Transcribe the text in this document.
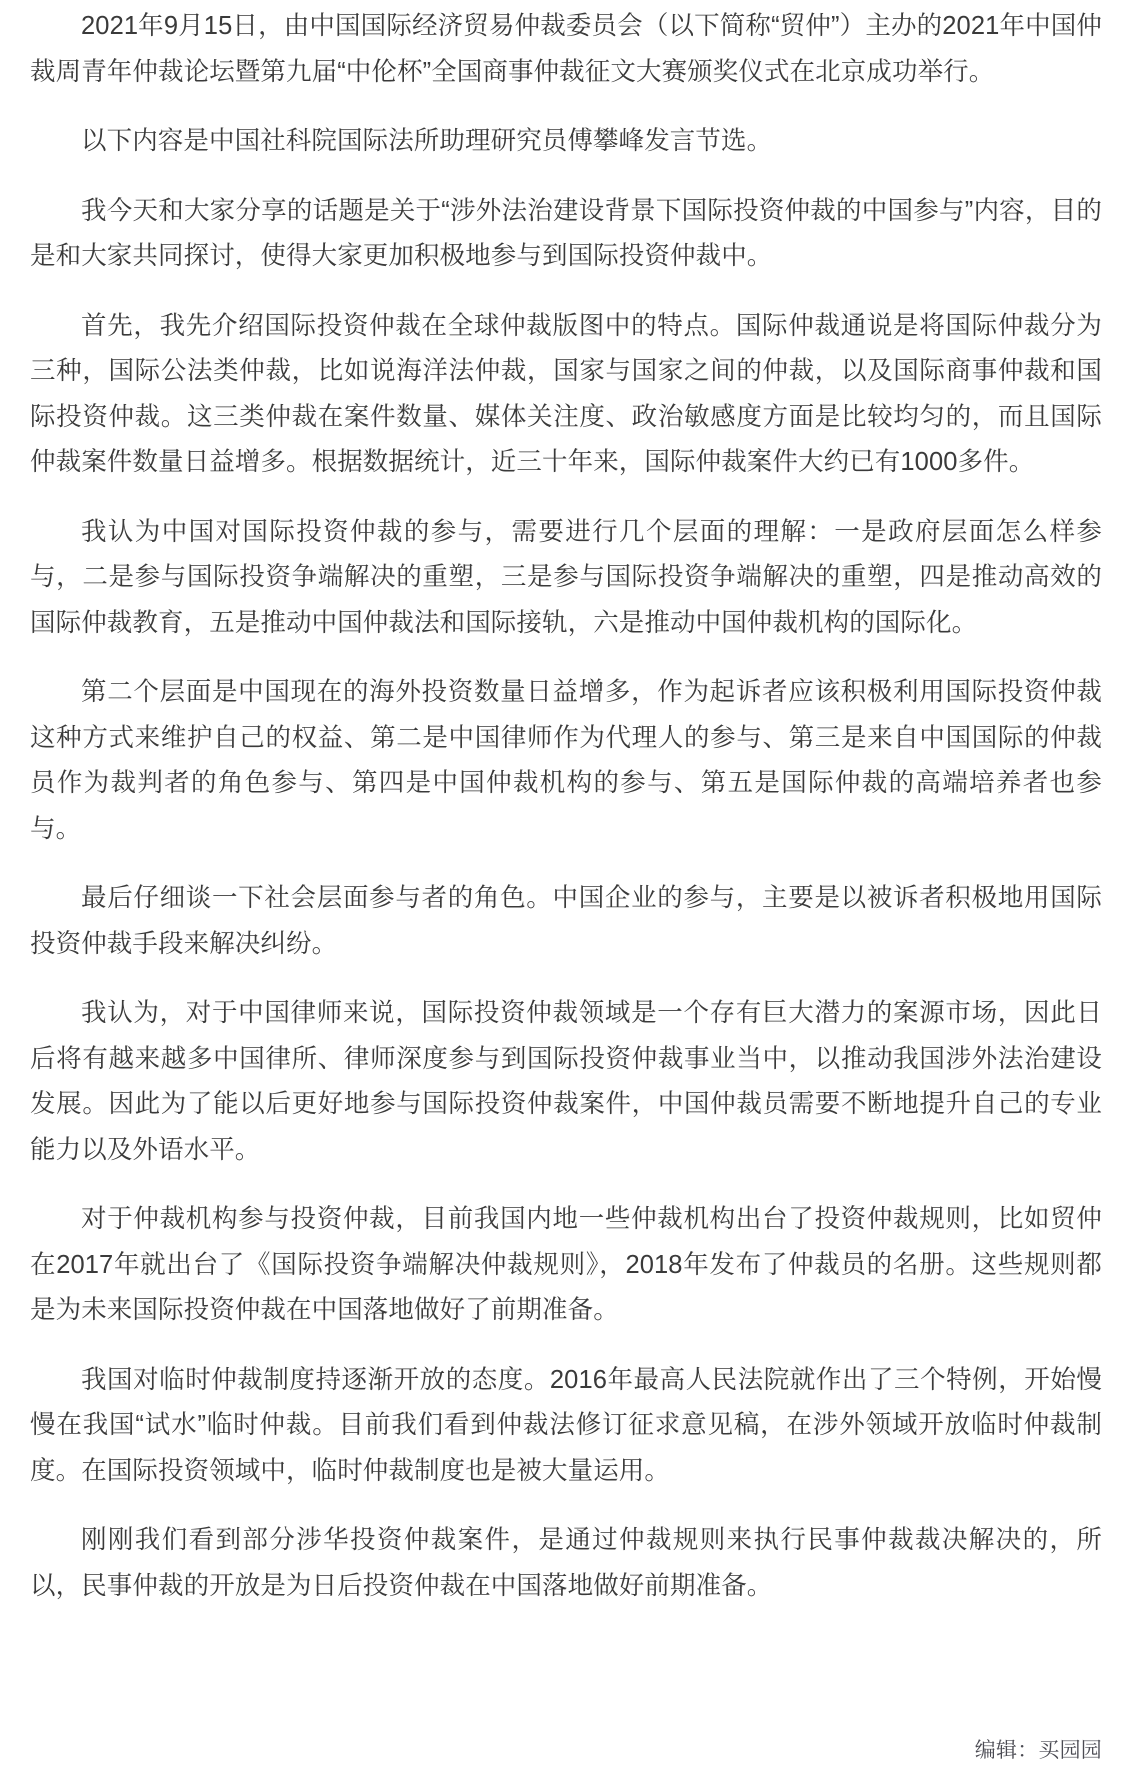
2021年9月15日，由中国国际经济贸易仲裁委员会（以下简称“贸仲”）主办的2021年中国仲裁周青年仲裁论坛暨第九届“中伦杯”全国商事仲裁征文大赛颁奖仪式在北京成功举行。

以下内容是中国社科院国际法所助理研究员傅攀峰发言节选。

我今天和大家分享的话题是关于“涉外法治建设背景下国际投资仲裁的中国参与”内容，目的是和大家共同探讨，使得大家更加积极地参与到国际投资仲裁中。

首先，我先介绍国际投资仲裁在全球仲裁版图中的特点。国际仲裁通说是将国际仲裁分为三种，国际公法类仲裁，比如说海洋法仲裁，国家与国家之间的仲裁，以及国际商事仲裁和国际投资仲裁。这三类仲裁在案件数量、媒体关注度、政治敏感度方面是比较均匀的，而且国际仲裁案件数量日益增多。根据数据统计，近三十年来，国际仲裁案件大约已有1000多件。

我认为中国对国际投资仲裁的参与，需要进行几个层面的理解：一是政府层面怎么样参与，二是参与国际投资争端解决的重塑，三是参与国际投资争端解决的重塑，四是推动高效的国际仲裁教育，五是推动中国仲裁法和国际接轨，六是推动中国仲裁机构的国际化。

第二个层面是中国现在的海外投资数量日益增多，作为起诉者应该积极利用国际投资仲裁这种方式来维护自己的权益、第二是中国律师作为代理人的参与、第三是来自中国国际的仲裁员作为裁判者的角色参与、第四是中国仲裁机构的参与、第五是国际仲裁的高端培养者也参与。

最后仔细谈一下社会层面参与者的角色。中国企业的参与，主要是以被诉者积极地用国际投资仲裁手段来解决纠纷。

我认为，对于中国律师来说，国际投资仲裁领域是一个存有巨大潜力的案源市场，因此日后将有越来越多中国律所、律师深度参与到国际投资仲裁事业当中，以推动我国涉外法治建设发展。因此为了能以后更好地参与国际投资仲裁案件，中国仲裁员需要不断地提升自己的专业能力以及外语水平。

对于仲裁机构参与投资仲裁，目前我国内地一些仲裁机构出台了投资仲裁规则，比如贸仲在2017年就出台了《国际投资争端解决仲裁规则》，2018年发布了仲裁员的名册。这些规则都是为未来国际投资仲裁在中国落地做好了前期准备。

我国对临时仲裁制度持逐渐开放的态度。2016年最高人民法院就作出了三个特例，开始慢慢在我国“试水”临时仲裁。目前我们看到仲裁法修订征求意见稿，在涉外领域开放临时仲裁制度。在国际投资领域中，临时仲裁制度也是被大量运用。

刚刚我们看到部分涉华投资仲裁案件，是通过仲裁规则来执行民事仲裁裁决解决的，所以，民事仲裁的开放是为日后投资仲裁在中国落地做好前期准备。

编辑：买园园
